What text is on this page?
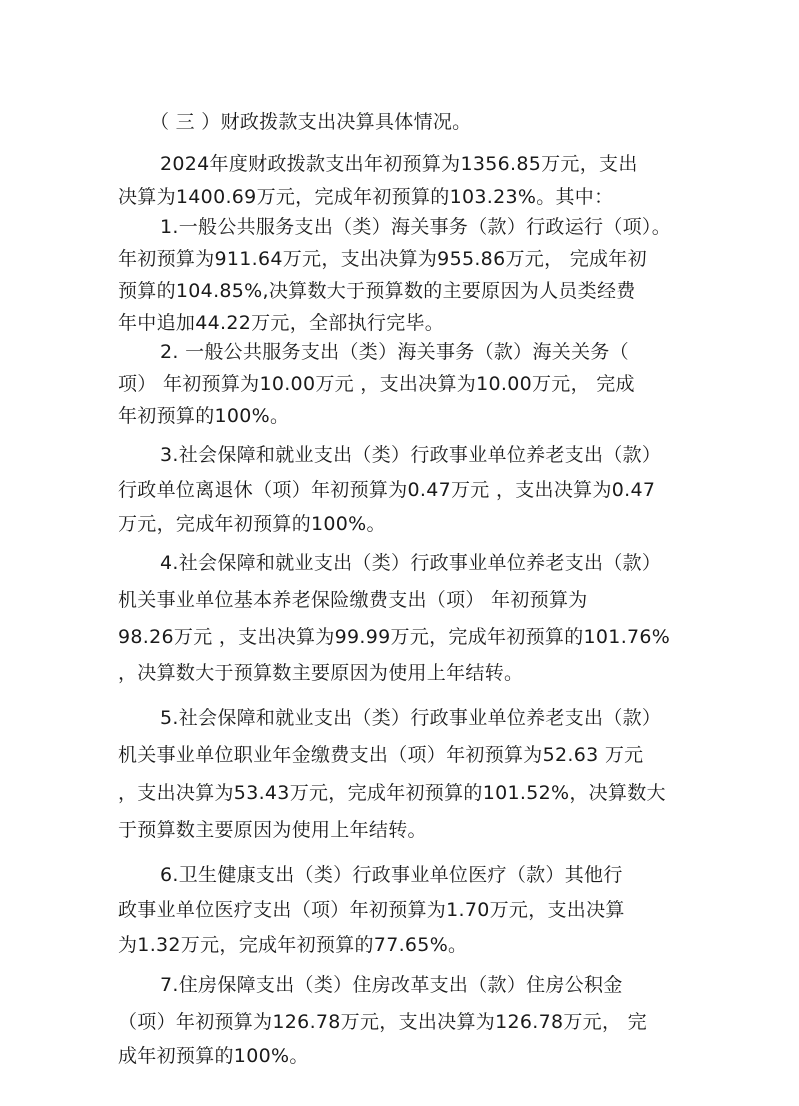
（ 三 ）财政拨款支出决算具体情况。
2024年度财政拨款支出年初预算为1356.85万元，支出
决算为1400.69万元，完成年初预算的103.23%。其中：
1.一般公共服务支出（类）海关事务（款）行政运行（项）。
年初预算为911.64万元，支出决算为955.86万元， 完成年初
预算的104.85%,决算数大于预算数的主要原因为人员类经费
年中追加44.22万元，全部执行完毕。
2. 一般公共服务支出（类）海关事务（款）海关关务（
项） 年初预算为10.00万元 ，支出决算为10.00万元， 完成
年初预算的100%。
3.社会保障和就业支出（类）行政事业单位养老支出（款）
行政单位离退休（项）年初预算为0.47万元 ，支出决算为0.47
万元，完成年初预算的100%。
4.社会保障和就业支出（类）行政事业单位养老支出（款）
机关事业单位基本养老保险缴费支出（项） 年初预算为
98.26万元 ，支出决算为99.99万元，完成年初预算的101.76%
，决算数大于预算数主要原因为使用上年结转。
5.社会保障和就业支出（类）行政事业单位养老支出（款）
机关事业单位职业年金缴费支出（项）年初预算为52.63 万元
，支出决算为53.43万元，完成年初预算的101.52%，决算数大
于预算数主要原因为使用上年结转。
6.卫生健康支出（类）行政事业单位医疗（款）其他行
政事业单位医疗支出（项）年初预算为1.70万元，支出决算
为1.32万元，完成年初预算的77.65%。
7.住房保障支出（类）住房改革支出（款）住房公积金
（项）年初预算为126.78万元，支出决算为126.78万元， 完
成年初预算的100%。
